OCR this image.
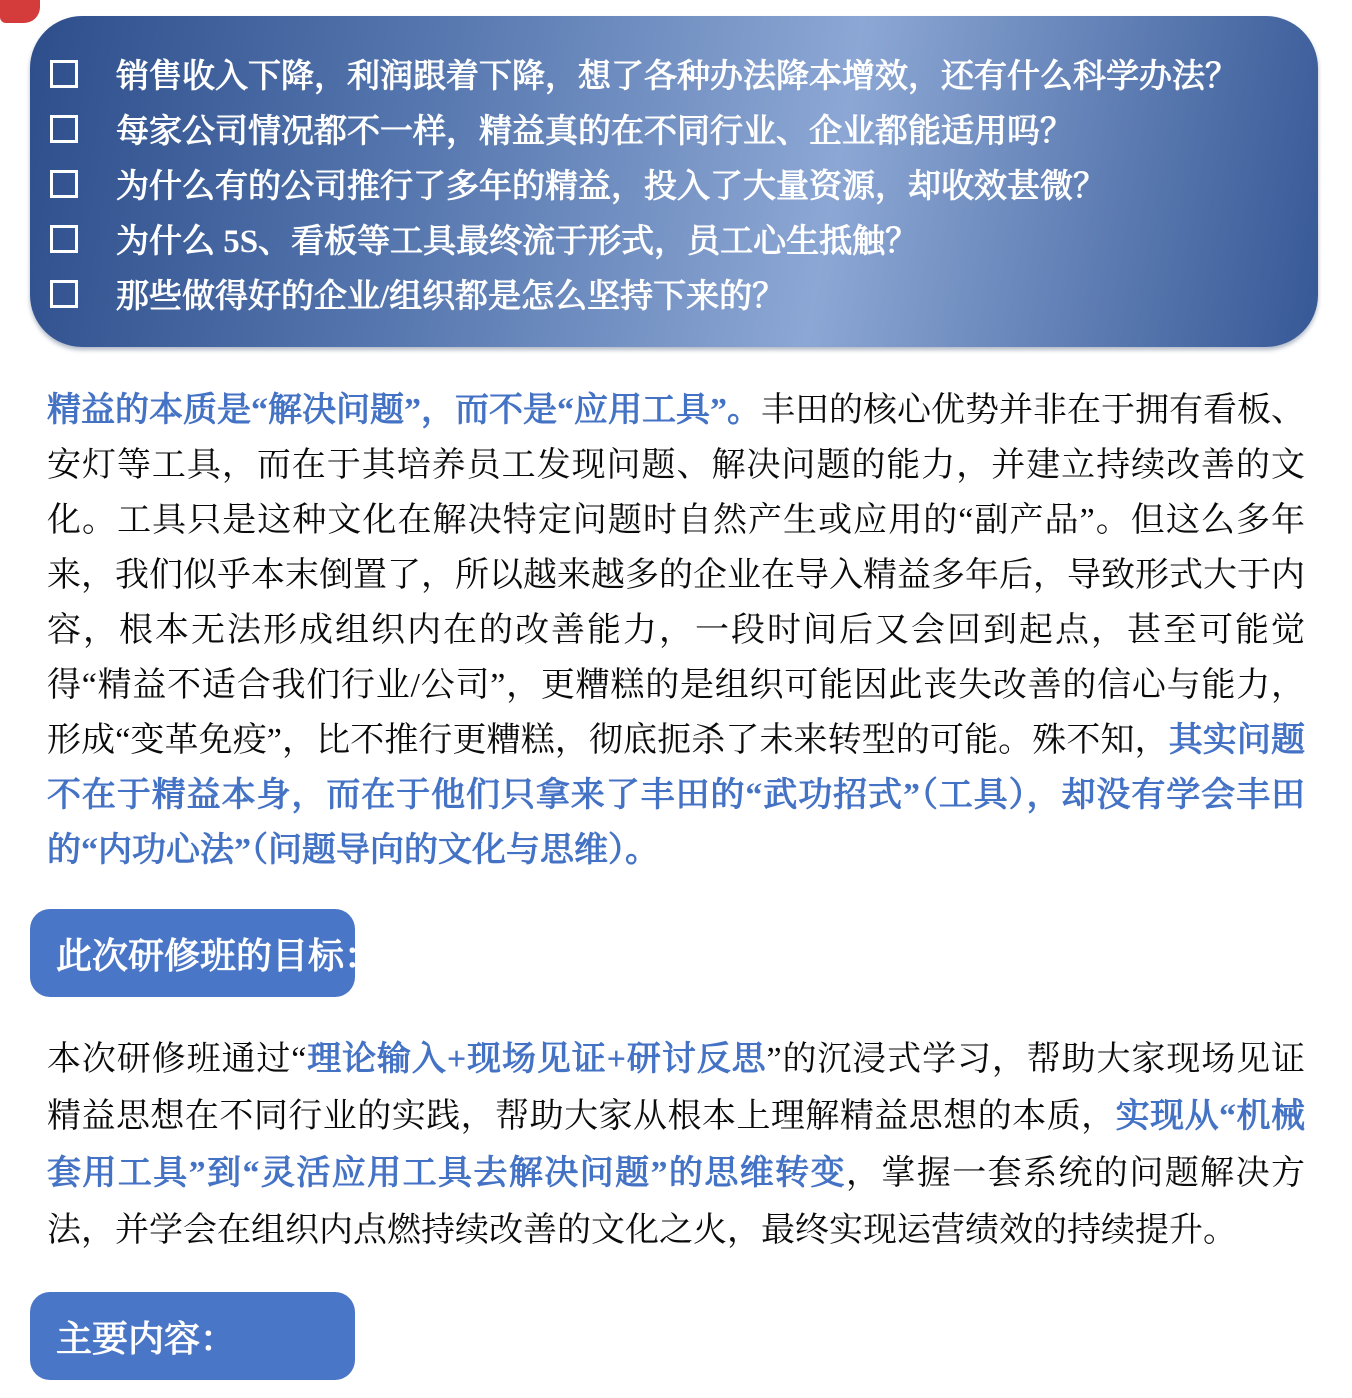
销售收入下降，利润跟着下降，想了各种办法降本增效，还有什么科学办法？
每家公司情况都不一样，精益真的在不同行业、企业都能适用吗？
为什么有的公司推行了多年的精益，投入了大量资源，却收效甚微？
为什么 5S、看板等工具最终流于形式，员工心生抵触？
那些做得好的企业/组织都是怎么坚持下来的？
精益的本质是“解决问题”，而不是“应用工具”。丰田的核心优势并非在于拥有看板、安灯等工具，而在于其培养员工发现问题、解决问题的能力，并建立持续改善的文化。工具只是这种文化在解决特定问题时自然产生或应用的“副产品”。但这么多年来，我们似乎本末倒置了，所以越来越多的企业在导入精益多年后，导致形式大于内容，根本无法形成组织内在的改善能力，一段时间后又会回到起点，甚至可能觉得“精益不适合我们行业/公司”，更糟糕的是组织可能因此丧失改善的信心与能力，形成“变革免疫”，比不推行更糟糕，彻底扼杀了未来转型的可能。殊不知，其实问题不在于精益本身，而在于他们只拿来了丰田的“武功招式”（工具），却没有学会丰田的“内功心法”（问题导向的文化与思维）。
此次研修班的目标：
本次研修班通过“理论输入+现场见证+研讨反思”的沉浸式学习，帮助大家现场见证精益思想在不同行业的实践，帮助大家从根本上理解精益思想的本质，实现从“机械套用工具”到“灵活应用工具去解决问题”的思维转变，掌握一套系统的问题解决方法，并学会在组织内点燃持续改善的文化之火，最终实现运营绩效的持续提升。
主要内容：
